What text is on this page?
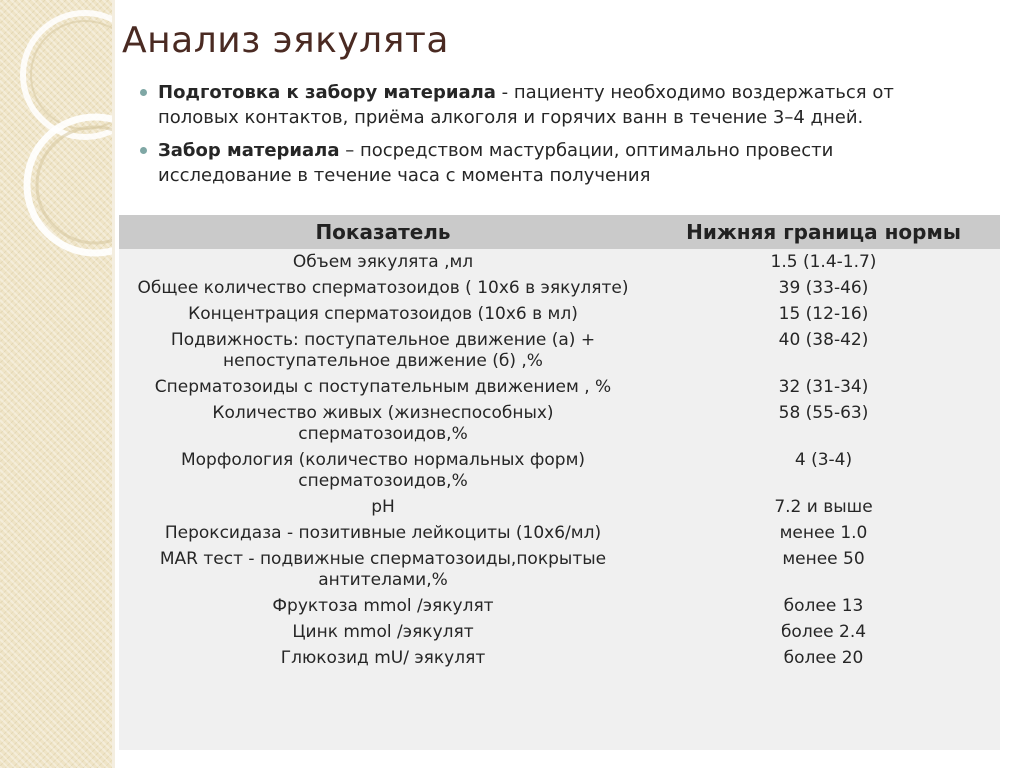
Анализ эякулята
Подготовка к забору материала - пациенту необходимо воздержаться от половых контактов, приёма алкоголя и горячих ванн в течение 3–4 дней.
Забор материала – посредством мастурбации, оптимально провести исследование в течение часа с момента получения
Показатель	Нижняя граница нормы
Объем эякулята ,мл	1.5 (1.4-1.7)
Общее количество сперматозоидов ( 10х6 в эякуляте)	39 (33-46)
Концентрация сперматозоидов (10х6 в мл)	15 (12-16)
Подвижность: поступательное движение (а) + непоступательное движение (б) ,%	40 (38-42)
Сперматозоиды с поступательным движением , %	32 (31-34)
Количество живых (жизнеспособных) сперматозоидов,%	58 (55-63)
Морфология (количество нормальных форм) сперматозоидов,%	4 (3-4)
pH	7.2 и выше
Пероксидаза - позитивные лейкоциты (10х6/мл)	менее 1.0
MAR тест - подвижные сперматозоиды,покрытые антителами,%	менее 50
Фруктоза mmol /эякулят	более 13
Цинк mmol /эякулят	более 2.4
Глюкозид mU/ эякулят	более 20
